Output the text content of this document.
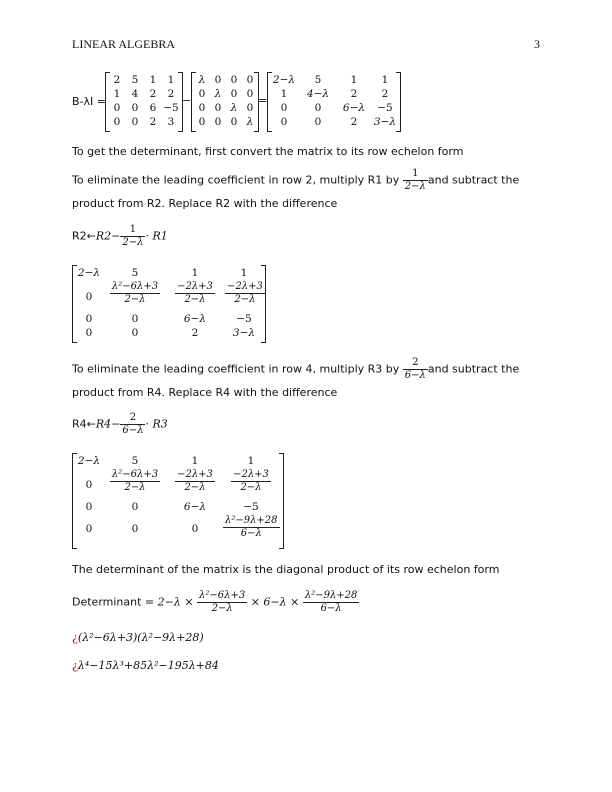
LINEAR ALGEBRA	3
B-λI =
2	5	1	1
1	4	2	2
0	0	6 −5
0	0	2	3
−
λ 0 0 0
0 λ 0 0
0 0 λ 0
0 0 0 λ
=
2−λ	5	1	1
1	4−λ	2	2
0	0	6−λ	−5
0	0	2	3−λ
To get the determinant, first convert the matrix to its row echelon form
To eliminate the leading coefficient in row 2, multiply R1 by $\frac{1}{2-\lambda}$ and subtract the
product from R2. Replace R2 with the difference
R2←R2− $\frac{1}{2-\lambda} \cdot R1$
2−λ	5	1	1
0	$\frac{\text{λ²−6λ+3}}{2-\lambda} \frac{-2\lambda+3}{2-\lambda} \frac{-2\lambda+3}{2-\lambda}$
0	0	6−λ	−5
0	0	2	3−λ
To eliminate the leading coefficient in row 4, multiply R3 by $\frac{2}{6-\lambda}$ and subtract the
product from R4. Replace R4 with the difference
R4←R4− $\frac{2}{6-\lambda} \cdot R3$
2−λ	5	1	1
0	$\frac{\text{λ²−6λ+3}}{2-\lambda} \frac{-2\lambda+3}{2-\lambda} \frac{-2\lambda+3}{2-\lambda}$
0	0	6−λ	−5
0	0	0	$\frac{\text{λ²−9λ+28}}{6-\lambda}$
The determinant of the matrix is the diagonal product of its row echelon form
Determinant = $2-\lambda \times \frac{\text{λ²−6λ+3}}{2-\lambda} \times 6-\lambda \times \frac{\text{λ²−9λ+28}}{6-\lambda}$
¿(λ²−6λ+3)(λ²−9λ+28)
¿λ⁴−15λ³+85λ²−195λ+84
